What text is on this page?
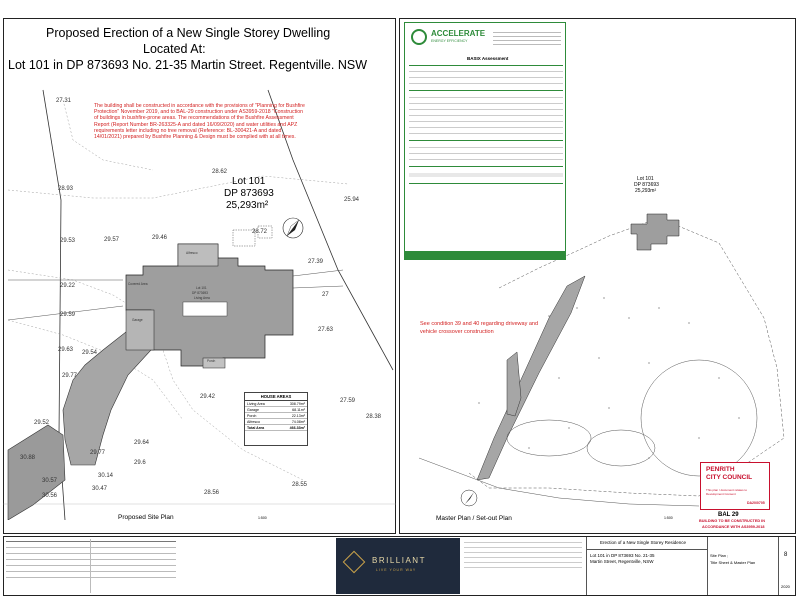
Proposed Erection of a New Single Storey Dwelling
Located At:
Lot 101 in DP 873693 No. 21-35 Martin Street. Regentville. NSW
The building shall be constructed in accordance with the provisions of "Planning for Bushfire Protection" November 2019, and to BAL-29 construction under AS3959-2018 "Construction of buildings in bushfire-prone areas. The recommendations of the Bushfire Assessment Report (Report Number BR-263325-A and dated 16/09/2020) and water utilities and APZ requirements letter including no tree removal (Reference: BL-300421-A and dated 14/01/2021) prepared by Bushfire Planning & Design must be complied with at all times.
Lot 101
DP 873693
25,293m²
27.31
28.62
28.93
25.94
28.72
29.53	29.57	29.46
27.39
29.22
27
29.59
27.63
29.63 29.54
29.77
29.42
28.38
27.59
29.52
29.77
29.64
29.6
30.14
30.47
30.57
30.56
30.88
28.56
28.55
Alfresco
Covered Area
Garage
Porch
Lot 101
DP 873693
Living Area
HOUSE AREAS
Living Area	308.79m²
Garage	68.11m²
Porch	22.13m²
Alfresco	74.08m²
Total Area	466.33m²
Proposed Site Plan	1:500
ACCELERATE
ENERGY EFFICIENCY
BASIX Assessment
Lot 101
DP 873693
25,293m²
See condition 39 and 40 regarding driveway and vehicle crossover construction
PENRITH
CITY COUNCIL
This plan / document relates to Development Consent
DA20/0705
BAL 29
BUILDING TO BE CONSTRUCTED IN
ACCORDANCE WITH AS3959-2018
Master Plan / Set-out Plan	1:500
BRILLIANT
LIVE YOUR WAY
Erection of a New Single Storey Residence
Lot 101 in DP 873693 No. 21-35
Martin Street, Regentville, NSW
Site Plan ;
Title Sheet & Master Plan
8
2020
